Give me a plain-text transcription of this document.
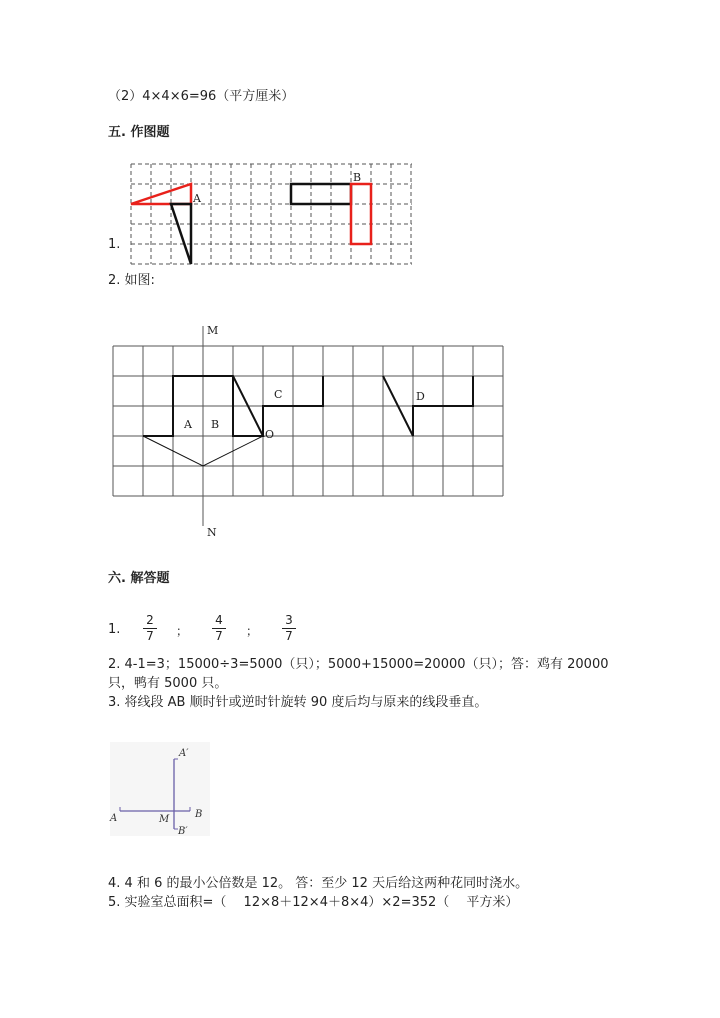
（2）4×4×6=96（平方厘米）
五. 作图题
A
B
1.
2. 如图:
M
N
A B
C	D
O
六. 解答题
1.
2
7 ；
4
7 ；
3
7
2. 4-1=3；15000÷3=5000（只）；5000+15000=20000（只）；答：鸡有 20000
只，鸭有 5000 只。
3. 将线段 AB 顺时针或逆时针旋转 90 度后均与原来的线段垂直。
A	B
M
A′
B′
4. 4 和 6 的最小公倍数是 12。 答：至少 12 天后给这两种花同时浇水。
5. 实验室总面积=（　 12×8＋12×4＋8×4）×2=352（　 平方米）
